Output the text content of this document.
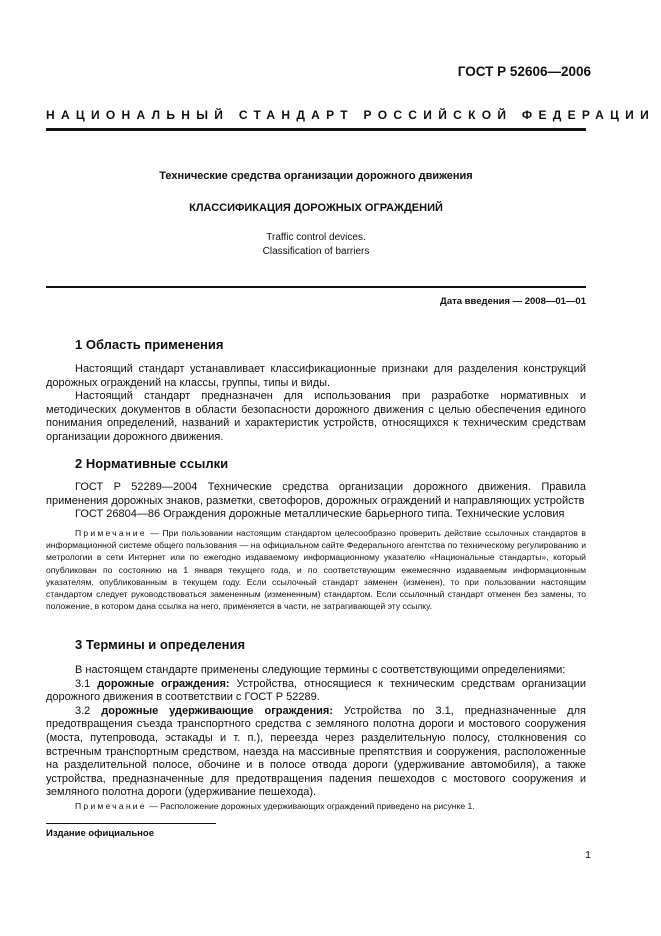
ГОСТ Р 52606—2006
НАЦИОНАЛЬНЫЙ СТАНДАРТ РОССИЙСКОЙ ФЕДЕРАЦИИ
Технические средства организации дорожного движения
КЛАССИФИКАЦИЯ ДОРОЖНЫХ ОГРАЖДЕНИЙ
Traffic control devices.
Classification of barriers
Дата введения — 2008—01—01
1 Область применения

Настоящий стандарт устанавливает классификационные признаки для разделения конструкций дорожных ограждений на классы, группы, типы и виды.

Настоящий стандарт предназначен для использования при разработке нормативных и методических документов в области безопасности дорожного движения с целью обеспечения единого понимания определений, названий и характеристик устройств, относящихся к техническим средствам организации дорожного движения.

2 Нормативные ссылки

ГОСТ Р 52289—2004 Технические средства организации дорожного движения. Правила применения дорожных знаков, разметки, светофоров, дорожных ограждений и направляющих устройств

ГОСТ 26804—86 Ограждения дорожные металлические барьерного типа. Технические условия

Примечание — При пользовании настоящим стандартом целесообразно проверить действие ссылочных стандартов в информационной системе общего пользования — на официальном сайте Федерального агентства по техническому регулированию и метрологии в сети Интернет или по ежегодно издаваемому информационному указателю «Национальные стандарты», который опубликован по состоянию на 1 января текущего года, и по соответствующим ежемесячно издаваемым информационным указателям, опубликованным в текущем году. Если ссылочный стандарт заменен (изменен), то при пользовании настоящим стандартом следует руководствоваться замененным (измененным) стандартом. Если ссылочный стандарт отменен без замены, то положение, в котором дана ссылка на него, применяется в части, не затрагивающей эту ссылку.

3 Термины и определения

В настоящем стандарте применены следующие термины с соответствующими определениями:

3.1 дорожные ограждения: Устройства, относящиеся к техническим средствам организации дорожного движения в соответствии с ГОСТ Р 52289.

3.2 дорожные удерживающие ограждения: Устройства по 3.1, предназначенные для предотвращения съезда транспортного средства с земляного полотна дороги и мостового сооружения (моста, путепровода, эстакады и т. п.), переезда через разделительную полосу, столкновения со встречным транспортным средством, наезда на массивные препятствия и сооружения, расположенные на разделительной полосе, обочине и в полосе отвода дороги (удерживание автомобиля), а также устройства, предназначенные для предотвращения падения пешеходов с мостового сооружения и земляного полотна дороги (удерживание пешехода).

Примечание — Расположение дорожных удерживающих ограждений приведено на рисунке 1.

Издание официальное
1
